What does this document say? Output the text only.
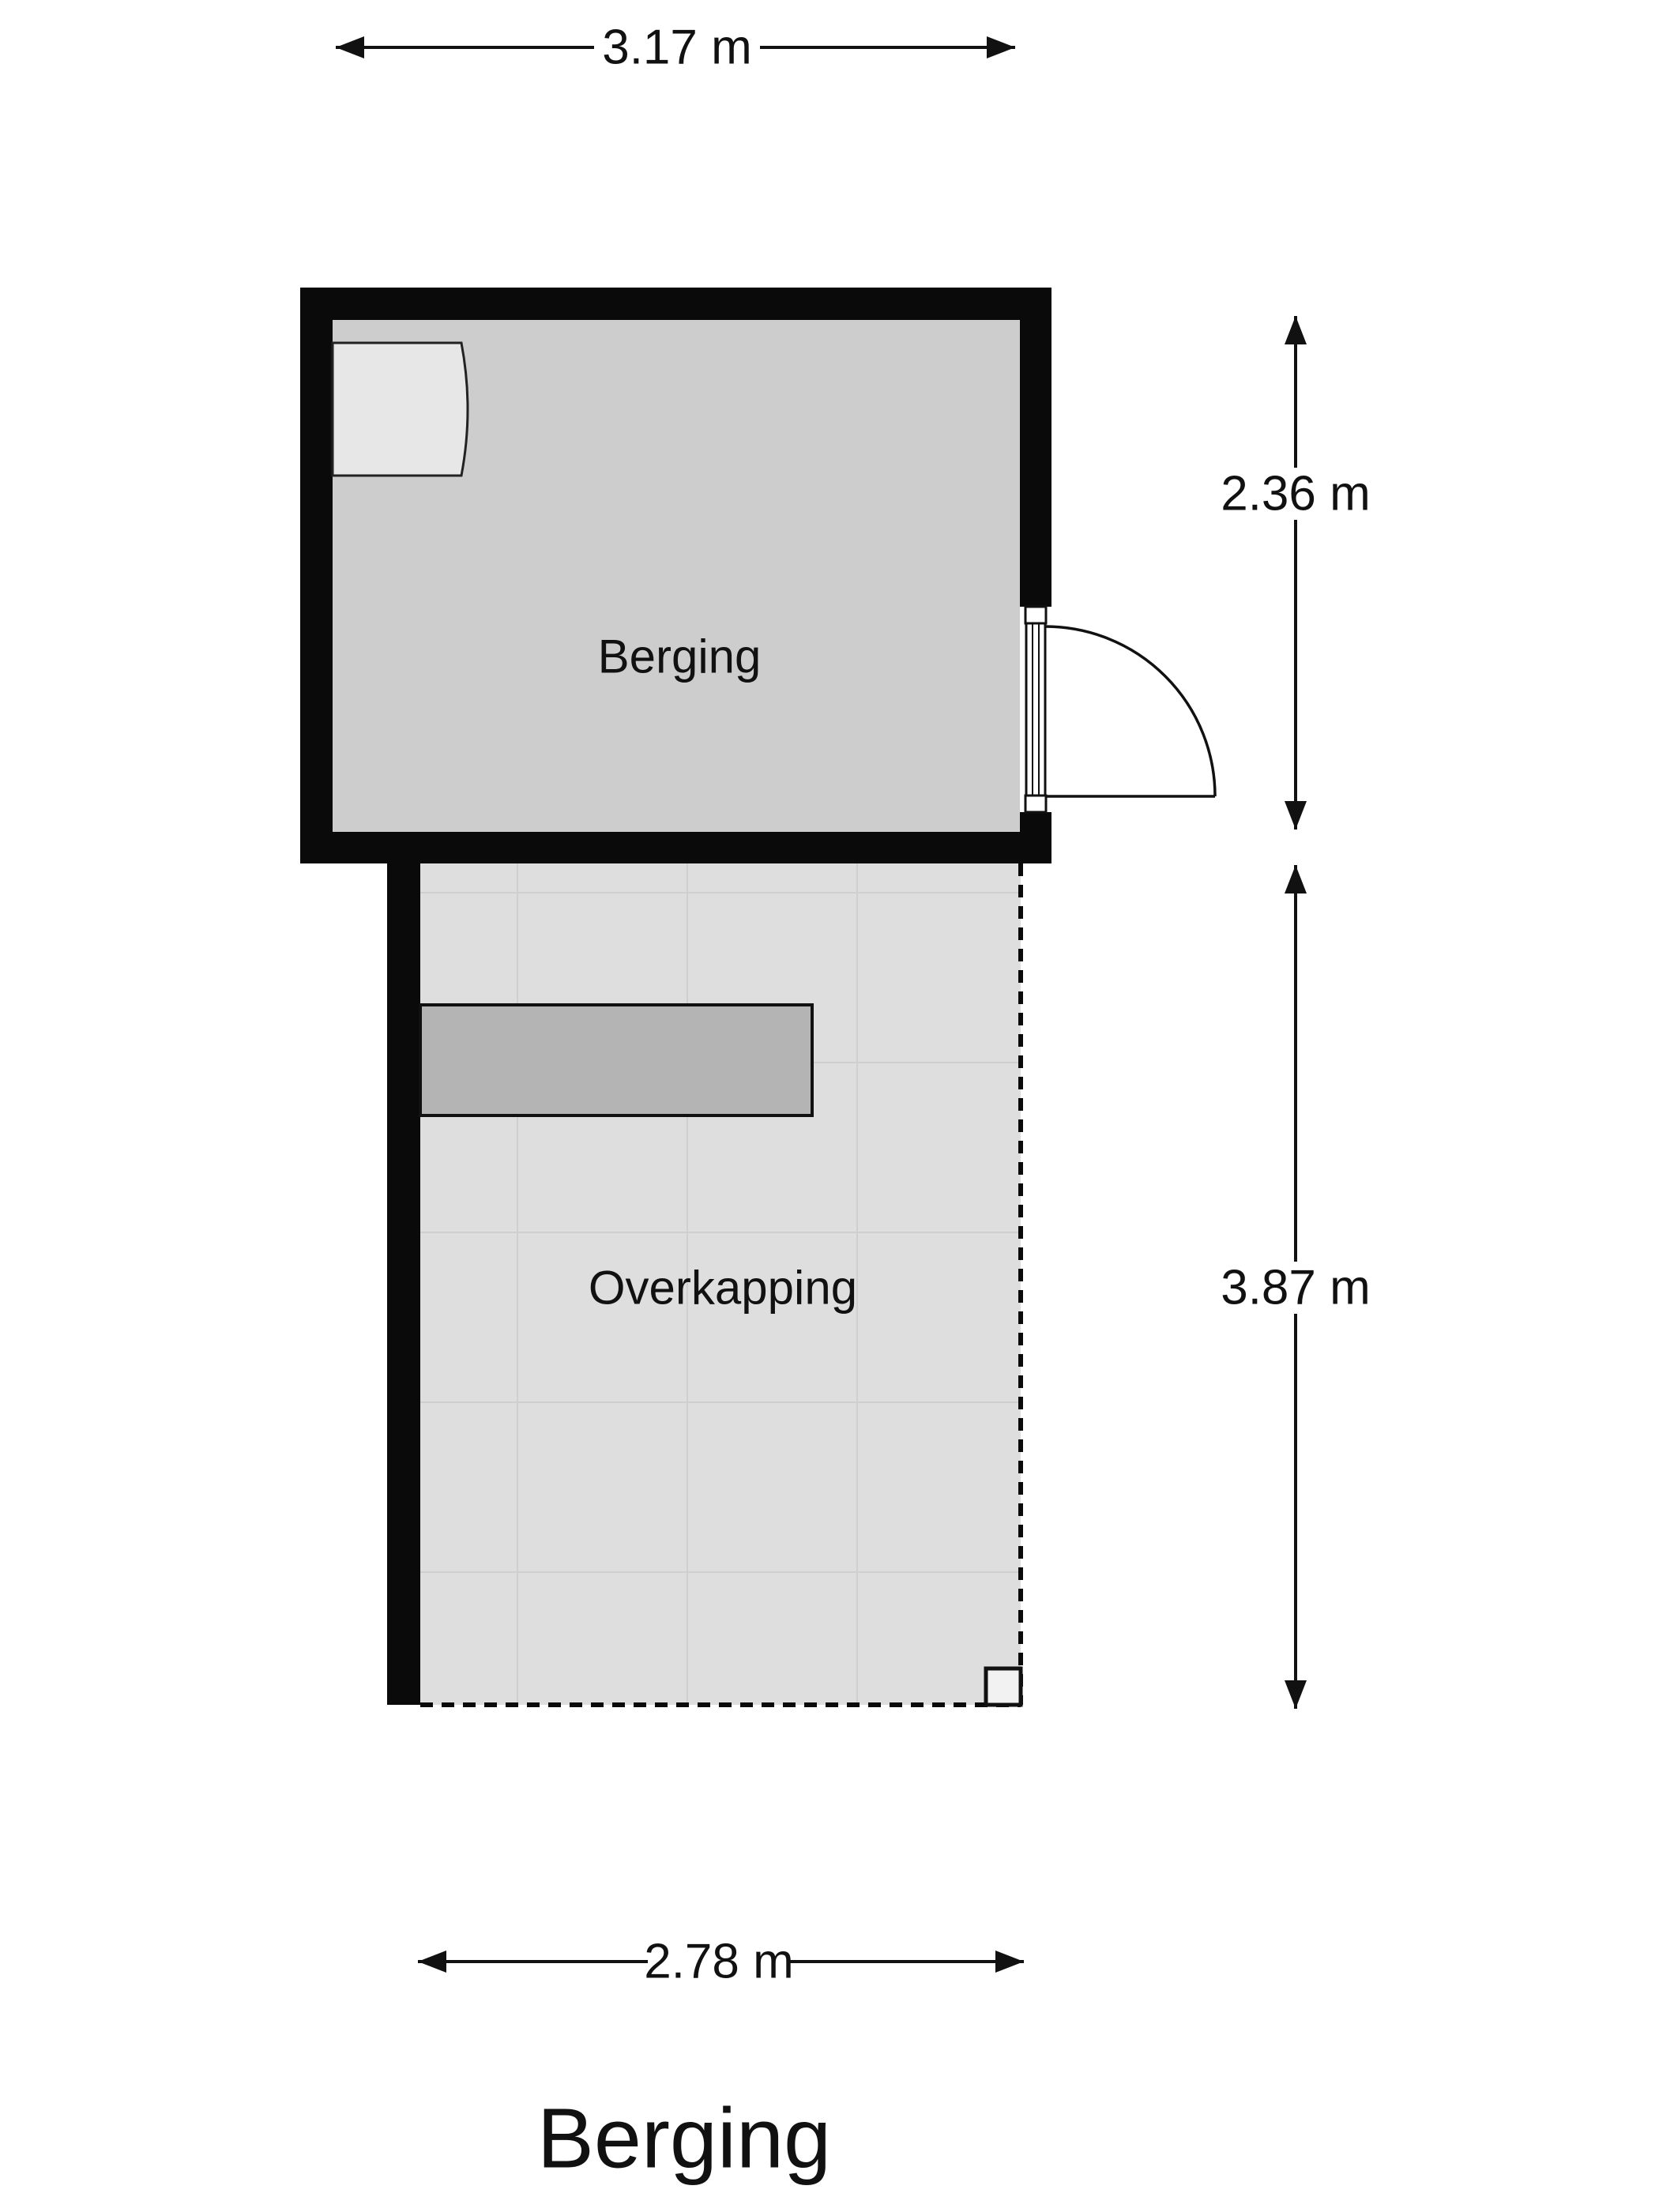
Berging
Overkapping
3.17 m
2.36 m
3.87 m
2.78 m
Berging
